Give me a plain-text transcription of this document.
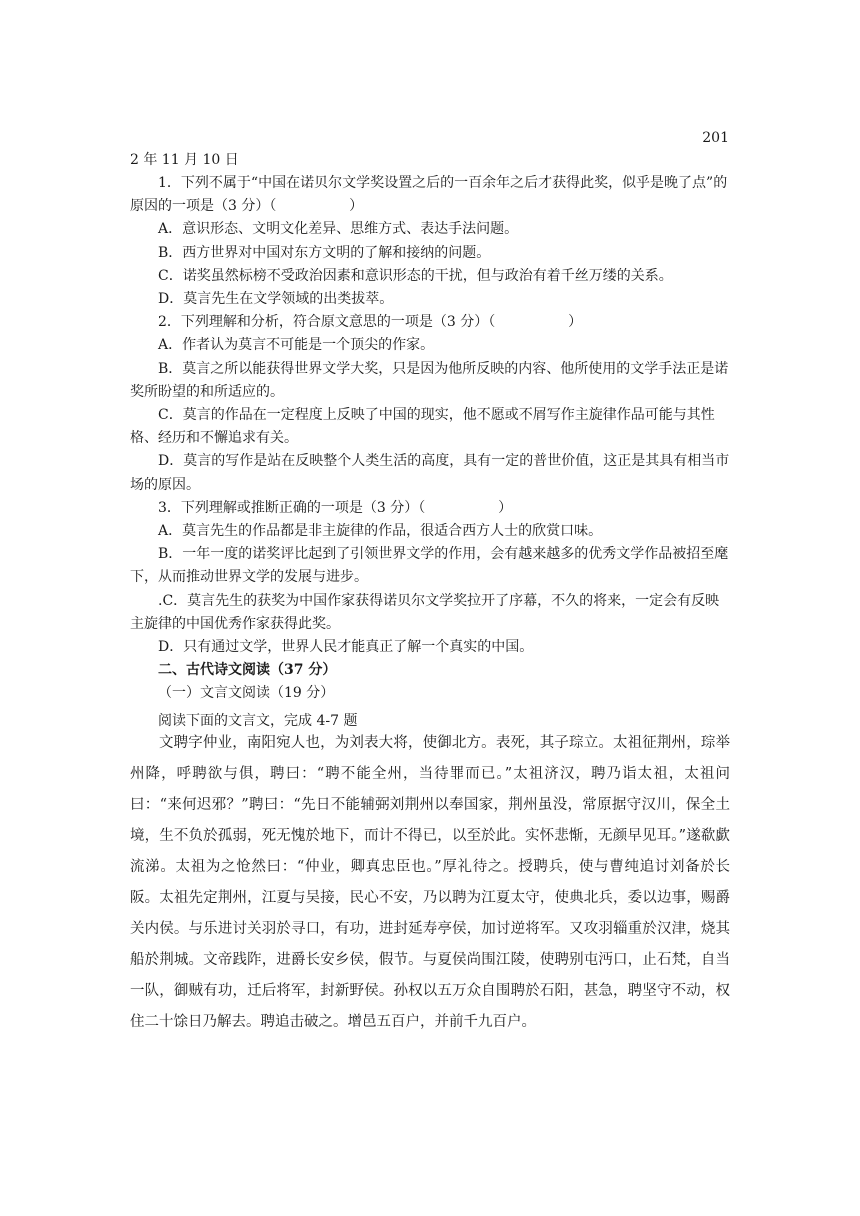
201
2 年 11 月 10 日

1．下列不属于“中国在诺贝尔文学奖设置之后的一百余年之后才获得此奖，似乎是晚了点”的原因的一项是（3 分）（	）

A．意识形态、文明文化差异、思维方式、表达手法问题。

B．西方世界对中国对东方文明的了解和接纳的问题。

C．诺奖虽然标榜不受政治因素和意识形态的干扰，但与政治有着千丝万缕的关系。

D．莫言先生在文学领域的出类拔萃。

2．下列理解和分析，符合原文意思的一项是（3 分）（	）

A．作者认为莫言不可能是一个顶尖的作家。

B．莫言之所以能获得世界文学大奖，只是因为他所反映的内容、他所使用的文学手法正是诺奖所盼望的和所适应的。

C．莫言的作品在一定程度上反映了中国的现实，他不愿或不屑写作主旋律作品可能与其性格、经历和不懈追求有关。

D．莫言的写作是站在反映整个人类生活的高度，具有一定的普世价值，这正是其具有相当市场的原因。

3．下列理解或推断正确的一项是（3 分）（	）

A．莫言先生的作品都是非主旋律的作品，很适合西方人士的欣赏口味。

B．一年一度的诺奖评比起到了引领世界文学的作用，会有越来越多的优秀文学作品被招至麾下，从而推动世界文学的发展与进步。

.C．莫言先生的获奖为中国作家获得诺贝尔文学奖拉开了序幕，不久的将来，一定会有反映主旋律的中国优秀作家获得此奖。

D．只有通过文学，世界人民才能真正了解一个真实的中国。

二、古代诗文阅读（37 分）

（一）文言文阅读（19 分）

阅读下面的文言文，完成 4-7 题

文聘字仲业，南阳宛人也，为刘表大将，使御北方。表死，其子琮立。太祖征荆州，琮举州降，呼聘欲与俱，聘曰：“聘不能全州，当待罪而已。”太祖济汉，聘乃诣太祖，太祖问曰：“来何迟邪？”聘曰：“先日不能辅弼刘荆州以奉国家，荆州虽没，常原据守汉川，保全土境，生不负於孤弱，死无愧於地下，而计不得已，以至於此。实怀悲惭，无颜早见耳。”遂欷歔流涕。太祖为之怆然曰：“仲业，卿真忠臣也。”厚礼待之。授聘兵，使与曹纯追讨刘备於长阪。太祖先定荆州，江夏与吴接，民心不安，乃以聘为江夏太守，使典北兵，委以边事，赐爵关内侯。与乐进讨关羽於寻口，有功，进封延寿亭侯，加讨逆将军。又攻羽辎重於汉津，烧其船於荆城。文帝践阼，进爵长安乡侯，假节。与夏侯尚围江陵，使聘别屯沔口，止石梵，自当一队，御贼有功，迁后将军，封新野侯。孙权以五万众自围聘於石阳，甚急，聘坚守不动，权住二十馀日乃解去。聘追击破之。增邑五百户，并前千九百户。
